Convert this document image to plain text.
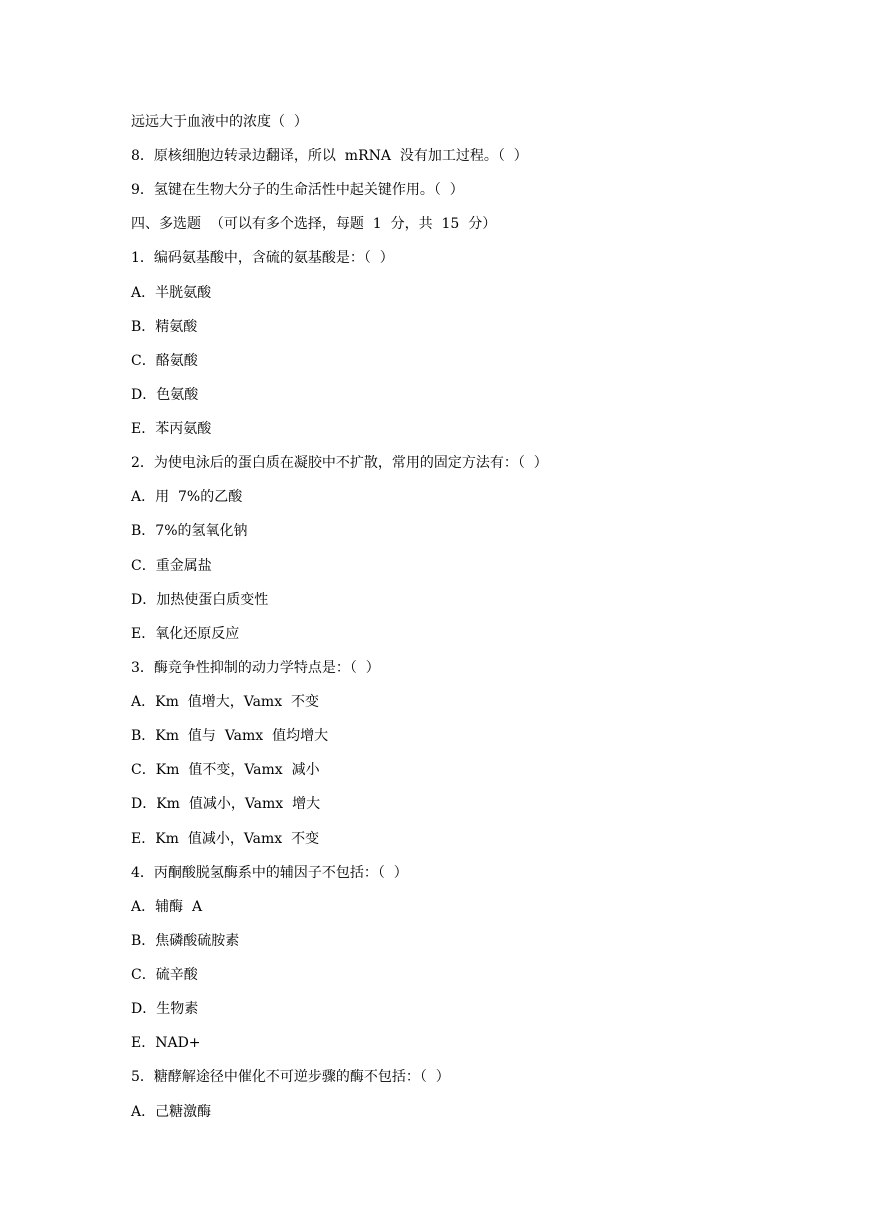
远远大于血液中的浓度（  ）
8．原核细胞边转录边翻译，所以  mRNA  没有加工过程。（  ）
9．氢键在生物大分子的生命活性中起关键作用。（  ）
四、多选题  （可以有多个选择，每题  1  分，共  15  分）
1．编码氨基酸中，含硫的氨基酸是：（  ）
A．半胱氨酸
B．精氨酸
C．酪氨酸
D．色氨酸
E．苯丙氨酸
2．为使电泳后的蛋白质在凝胶中不扩散，常用的固定方法有：（  ）
A．用  7%的乙酸
B．7%的氢氧化钠
C．重金属盐
D．加热使蛋白质变性
E．氧化还原反应
3．酶竞争性抑制的动力学特点是：（  ）
A．Km  值增大，Vamx  不变
B．Km  值与  Vamx  值均增大
C．Km  值不变，Vamx  减小
D．Km  值减小，Vamx  增大
E．Km  值减小，Vamx  不变
4．丙酮酸脱氢酶系中的辅因子不包括：（  ）
A．辅酶  A
B．焦磷酸硫胺素
C．硫辛酸
D．生物素
E．NAD+
5．糖酵解途径中催化不可逆步骤的酶不包括：（  ）
A．己糖激酶
